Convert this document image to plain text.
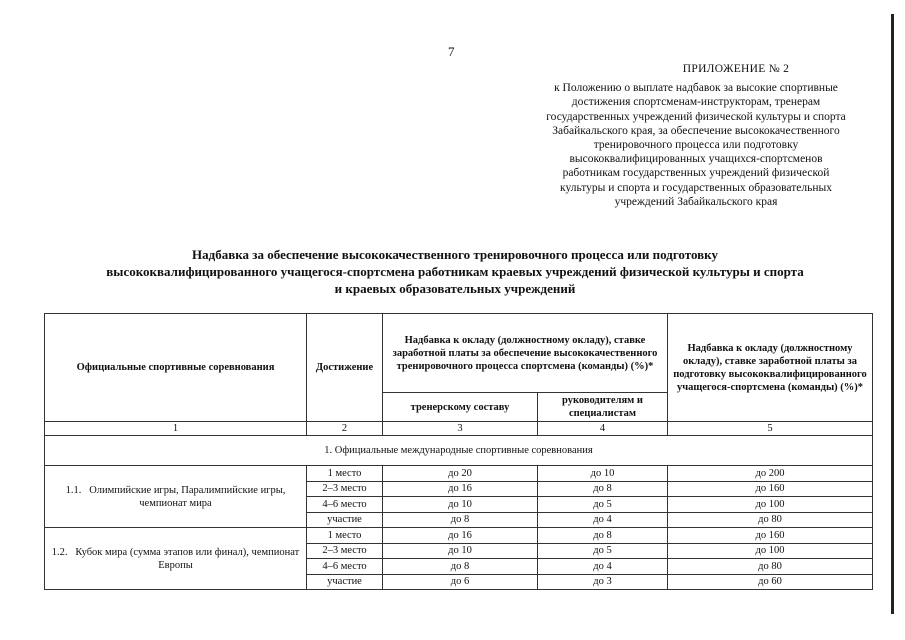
7
ПРИЛОЖЕНИЕ № 2
к Положению о выплате надбавок за высокие спортивные
достижения спортсменам-инструкторам, тренерам
государственных учреждений физической культуры и спорта
Забайкальского края, за обеспечение высококачественного
тренировочного процесса или подготовку
высококвалифицированных учащихся-спортсменов
работникам государственных учреждений физической
культуры и спорта и государственных образовательных
учреждений Забайкальского края
Надбавка за обеспечение высококачественного тренировочного процесса или подготовку
высококвалифицированного учащегося-спортсмена работникам краевых учреждений физической культуры и спорта
и краевых образовательных учреждений
Официальные спортивные соревнования	Достижение	Надбавка к окладу (должностному окладу), ставке заработной платы за обеспечение высококачественного тренировочного процесса спортсмена (команды) (%)*		Надбавка к окладу (должностному окладу), ставке заработной платы за подготовку высококвалифицированного учащегося-спортсмена (команды) (%)*
		тренерскому составу	руководителям и специалистам	
1	2	3	4	5
1. Официальные международные спортивные соревнования				
1.1.   Олимпийские игры, Паралимпийские игры, чемпионат мира	1 место	до 20	до 10	до 200
	2–3 место	до 16	до 8	до 160
	4–6 место	до 10	до 5	до 100
	участие	до 8	до 4	до 80
1.2.   Кубок мира (сумма этапов или финал), чемпионат Европы	1 место	до 16	до 8	до 160
	2–3 место	до 10	до 5	до 100
	4–6 место	до 8	до 4	до 80
	участие	до 6	до 3	до 60
